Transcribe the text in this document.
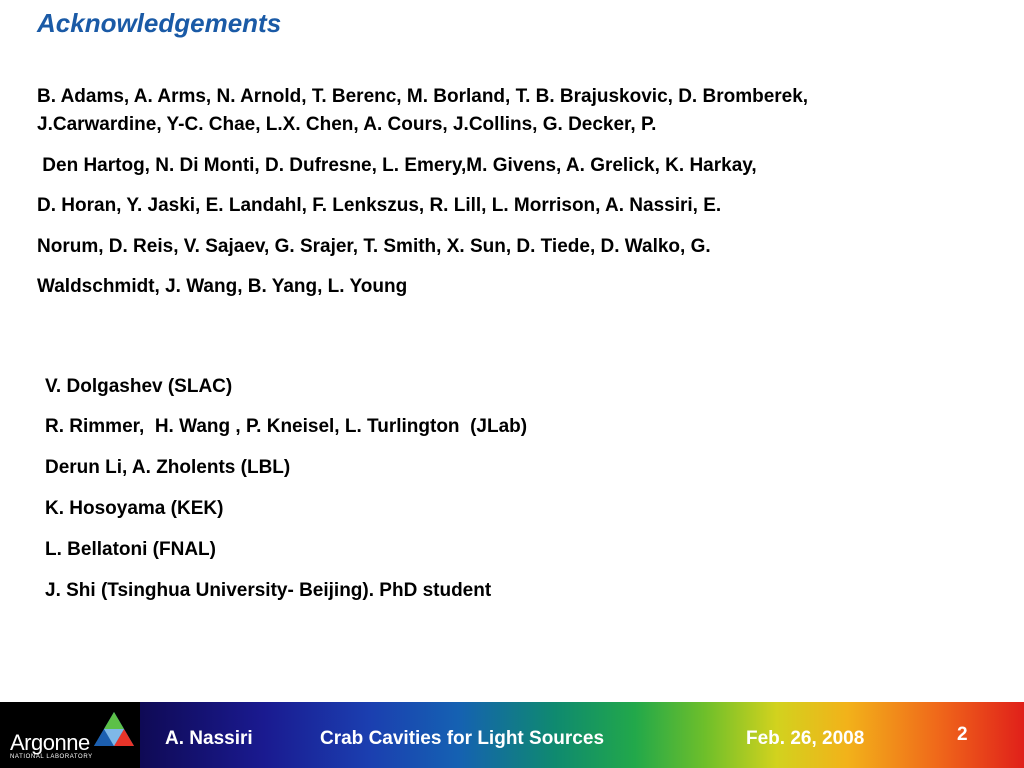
Acknowledgements

B. Adams, A. Arms, N. Arnold, T. Berenc, M. Borland, T. B. Brajuskovic, D. Bromberek,

J.Carwardine, Y-C. Chae, L.X. Chen, A. Cours, J.Collins, G. Decker, P.

Den Hartog, N. Di Monti, D. Dufresne, L. Emery,M. Givens, A. Grelick, K. Harkay,

D. Horan, Y. Jaski, E. Landahl, F. Lenkszus, R. Lill, L. Morrison, A. Nassiri, E.

Norum, D. Reis, V. Sajaev, G. Srajer, T. Smith, X. Sun, D. Tiede, D. Walko, G.

Waldschmidt, J. Wang, B. Yang, L. Young

V. Dolgashev (SLAC)

R. Rimmer,  H. Wang , P. Kneisel, L. Turlington  (JLab)

Derun Li, A. Zholents (LBL)

K. Hosoyama (KEK)

L. Bellatoni (FNAL)

J. Shi (Tsinghua University- Beijing). PhD student

Argonne
NATIONAL LABORATORY
A. Nassiri	Crab Cavities for Light Sources	Feb. 26, 2008	2
